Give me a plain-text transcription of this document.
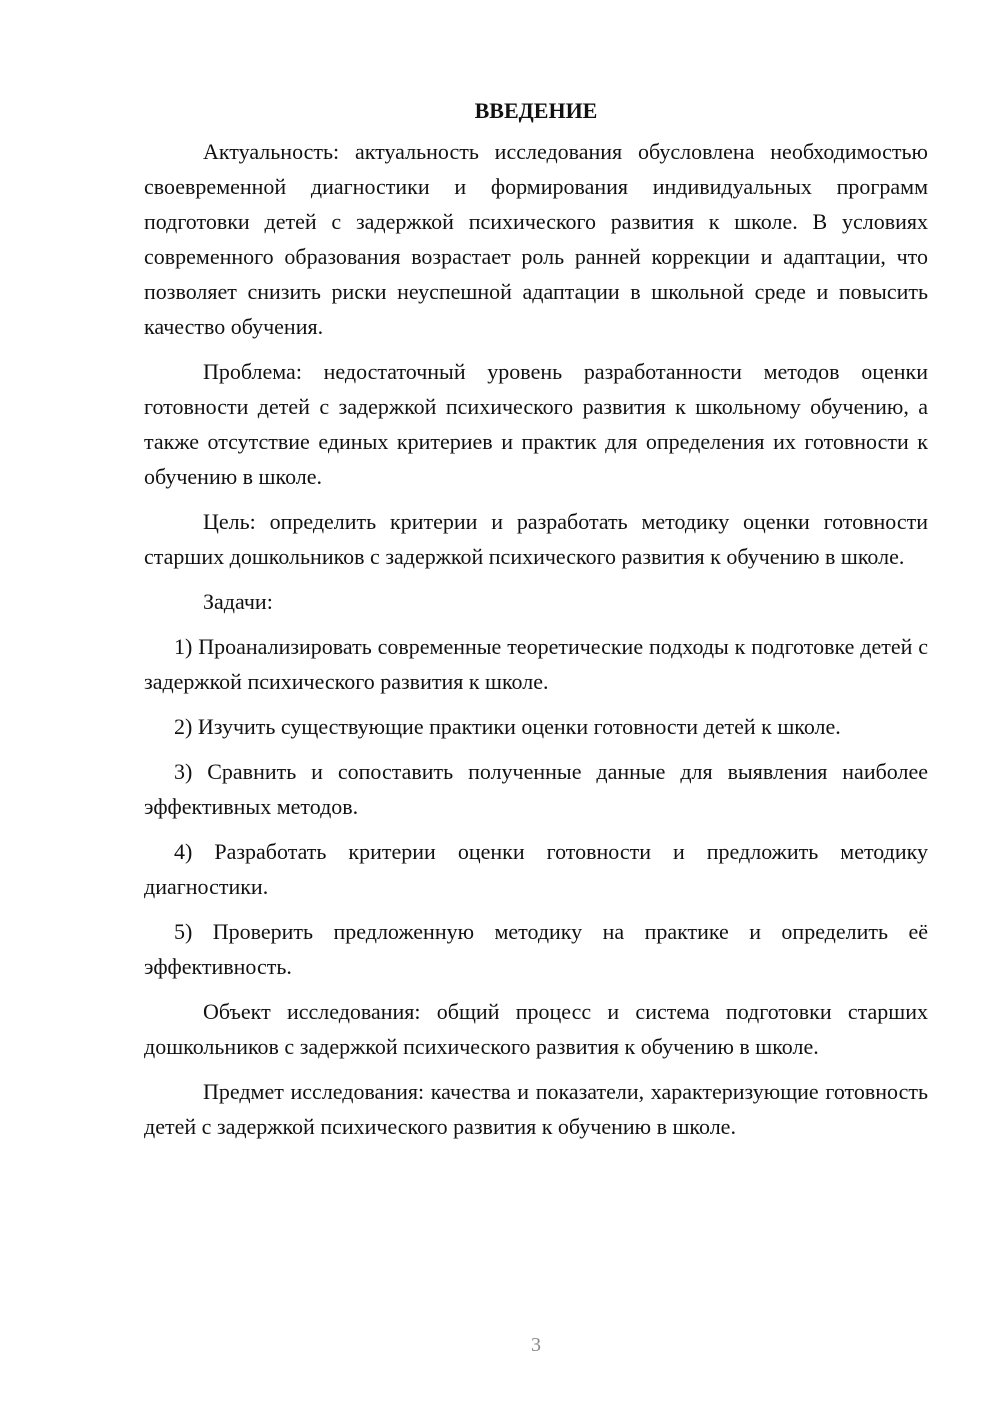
ВВЕДЕНИЕ

Актуальность: актуальность исследования обусловлена необходимостью своевременной диагностики и формирования индивидуальных программ подготовки детей с задержкой психического развития к школе. В условиях современного образования возрастает роль ранней коррекции и адаптации, что позволяет снизить риски неуспешной адаптации в школьной среде и повысить качество обучения.

Проблема: недостаточный уровень разработанности методов оценки готовности детей с задержкой психического развития к школьному обучению, а также отсутствие единых критериев и практик для определения их готовности к обучению в школе.

Цель: определить критерии и разработать методику оценки готовности старших дошкольников с задержкой психического развития к обучению в школе.

Задачи:

1) Проанализировать современные теоретические подходы к подготовке детей с задержкой психического развития к школе.

2) Изучить существующие практики оценки готовности детей к школе.

3) Сравнить и сопоставить полученные данные для выявления наиболее эффективных методов.

4) Разработать критерии оценки готовности и предложить методику диагностики.

5) Проверить предложенную методику на практике и определить её эффективность.

Объект исследования: общий процесс и система подготовки старших дошкольников с задержкой психического развития к обучению в школе.

Предмет исследования: качества и показатели, характеризующие готовность детей с задержкой психического развития к обучению в школе.

3
